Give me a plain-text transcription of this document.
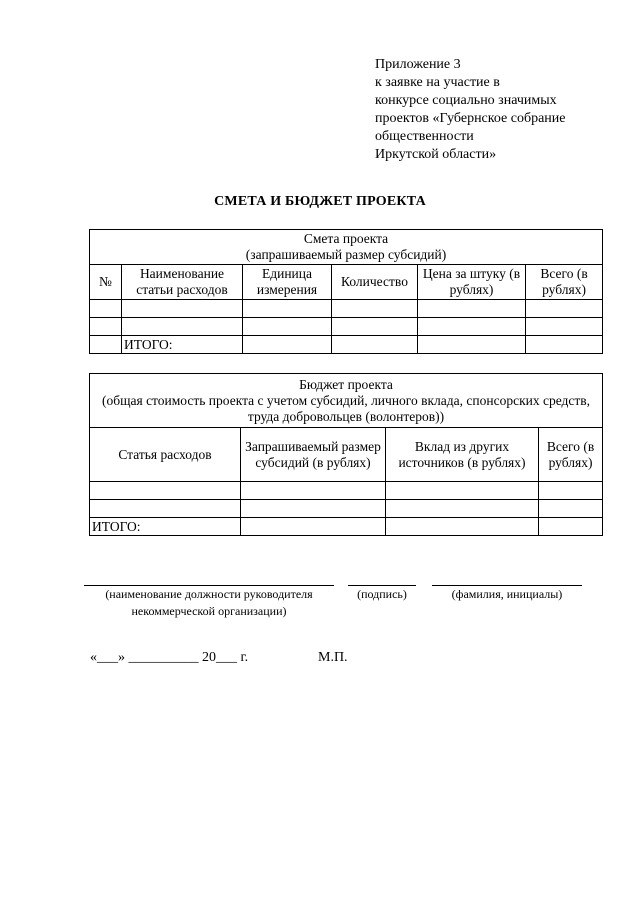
Приложение 3
к заявке на участие в
конкурсе социально значимых
проектов «Губернское собрание
общественности
Иркутской области»
СМЕТА И БЮДЖЕТ ПРОЕКТА
Смета проекта
(запрашиваемый размер субсидий)					

№	Наименование статьи расходов	Единица измерения	Количество	Цена за штуку (в рублях)	Всего (в рублях)

	ИТОГО:				
Бюджет проекта
(общая стоимость проекта с учетом субсидий, личного вклада, спонсорских средств, труда добровольцев (волонтеров))			

Статья расходов	Запрашиваемый размер субсидий (в рублях)	Вклад из других источников (в рублях)	Всего (в рублях)

ИТОГО:			
(наименование должности руководителя некоммерческой организации)
(подпись)	(фамилия, инициалы)
«___» __________ 20___ г.	М.П.
